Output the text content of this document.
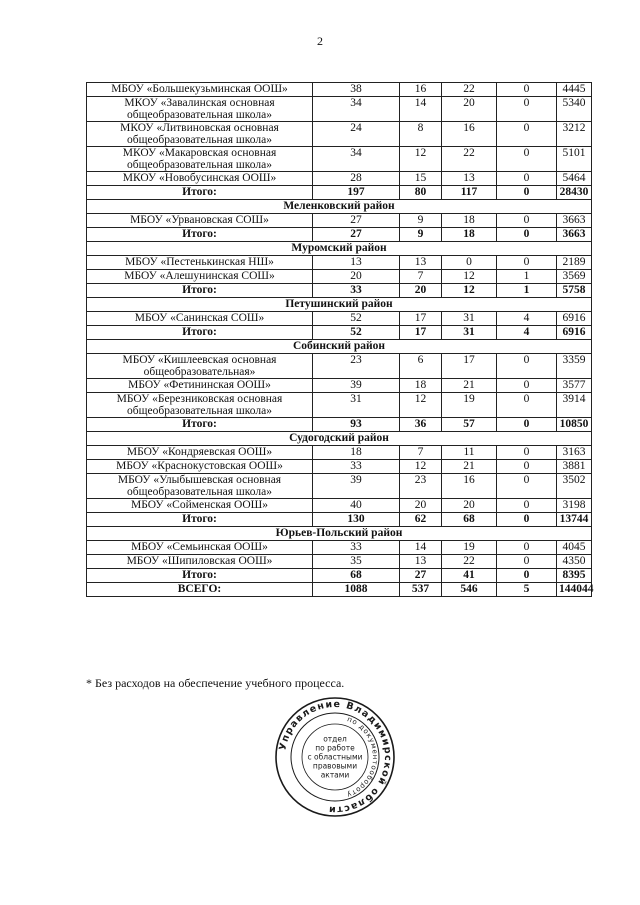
2
МБОУ «Большекузьминская ООШ»	38	16	22	0	4445
МКОУ «Завалинская основная общеобразовательная школа»	34	14	20	0	5340
МКОУ «Литвиновская основная общеобразовательная школа»	24	8	16	0	3212
МКОУ «Макаровская основная общеобразовательная школа»	34	12	22	0	5101
МКОУ «Новобусинская ООШ»	28	15	13	0	5464
Итого:	197	80	117	0	28430
Меленковский район					
МБОУ «Урвановская СОШ»	27	9	18	0	3663
Итого:	27	9	18	0	3663
Муромский район					
МБОУ «Пестенькинская НШ»	13	13	0	0	2189
МБОУ «Алешунинская СОШ»	20	7	12	1	3569
Итого:	33	20	12	1	5758
Петушинский район					
МБОУ «Санинская СОШ»	52	17	31	4	6916
Итого:	52	17	31	4	6916
Собинский район					
МБОУ «Кишлеевская основная общеобразовательная»	23	6	17	0	3359
МБОУ «Фетининская ООШ»	39	18	21	0	3577
МБОУ «Березниковская основная общеобразовательная школа»	31	12	19	0	3914
Итого:	93	36	57	0	10850
Судогодский район					
МБОУ «Кондряевская ООШ»	18	7	11	0	3163
МБОУ «Краснокустовская ООШ»	33	12	21	0	3881
МБОУ «Улыбышевская основная общеобразовательная школа»	39	23	16	0	3502
МБОУ «Сойменская ООШ»	40	20	20	0	3198
Итого:	130	62	68	0	13744
Юрьев-Польский район					
МБОУ «Семьинская ООШ»	33	14	19	0	4045
МБОУ «Шипиловская ООШ»	35	13	22	0	4350
Итого:	68	27	41	0	8395
ВСЕГО:	1088	537	546	5	144044
* Без расходов на обеспечение учебного процесса.
Управление Владимирской области
по документообороту
отдел
по работе
с областными
правовыми
актами
